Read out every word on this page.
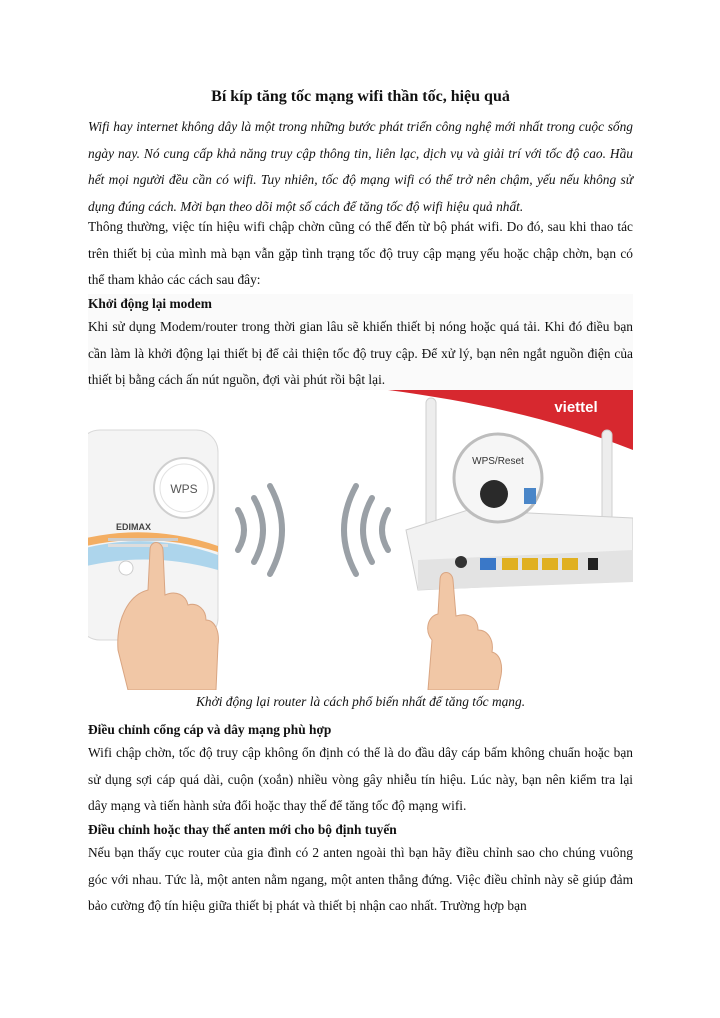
Bí kíp tăng tốc mạng wifi thần tốc, hiệu quả

Wifi hay internet không dây là một trong những bước phát triển công nghệ mới nhất trong cuộc sống ngày nay. Nó cung cấp khả năng truy cập thông tin, liên lạc, dịch vụ và giải trí với tốc độ cao. Hầu hết mọi người đều cần có wifi. Tuy nhiên, tốc độ mạng wifi có thể trở nên chậm, yếu nếu không sử dụng đúng cách. Mời bạn theo dõi một số cách để tăng tốc độ wifi hiệu quả nhất.

Thông thường, việc tín hiệu wifi chập chờn cũng có thể đến từ bộ phát wifi. Do đó, sau khi thao tác trên thiết bị của mình mà bạn vẫn gặp tình trạng tốc độ truy cập mạng yếu hoặc chập chờn, bạn có thể tham khảo các cách sau đây:

Khởi động lại modem

Khi sử dụng Modem/router trong thời gian lâu sẽ khiến thiết bị nóng hoặc quá tải. Khi đó điều bạn cần làm là khởi động lại thiết bị để cải thiện tốc độ truy cập. Để xử lý, bạn nên ngắt nguồn điện của thiết bị bằng cách ấn nút nguồn, đợi vài phút rồi bật lại.

viettel
WPS
EDIMAX
WPS/Reset
Khởi động lại router là cách phổ biến nhất để tăng tốc mạng.
Điều chỉnh cổng cáp và dây mạng phù hợp

Wifi chập chờn, tốc độ truy cập không ổn định có thể là do đầu dây cáp bấm không chuẩn hoặc bạn sử dụng sợi cáp quá dài, cuộn (xoắn) nhiều vòng gây nhiễu tín hiệu. Lúc này, bạn nên kiểm tra lại dây mạng và tiến hành sửa đổi hoặc thay thế để tăng tốc độ mạng wifi.

Điều chỉnh hoặc thay thế anten mới cho bộ định tuyến

Nếu bạn thấy cục router của gia đình có 2 anten ngoài thì bạn hãy điều chỉnh sao cho chúng vuông góc với nhau. Tức là, một anten nằm ngang, một anten thẳng đứng. Việc điều chỉnh này sẽ giúp đảm bảo cường độ tín hiệu giữa thiết bị phát và thiết bị nhận cao nhất. Trường hợp bạn
